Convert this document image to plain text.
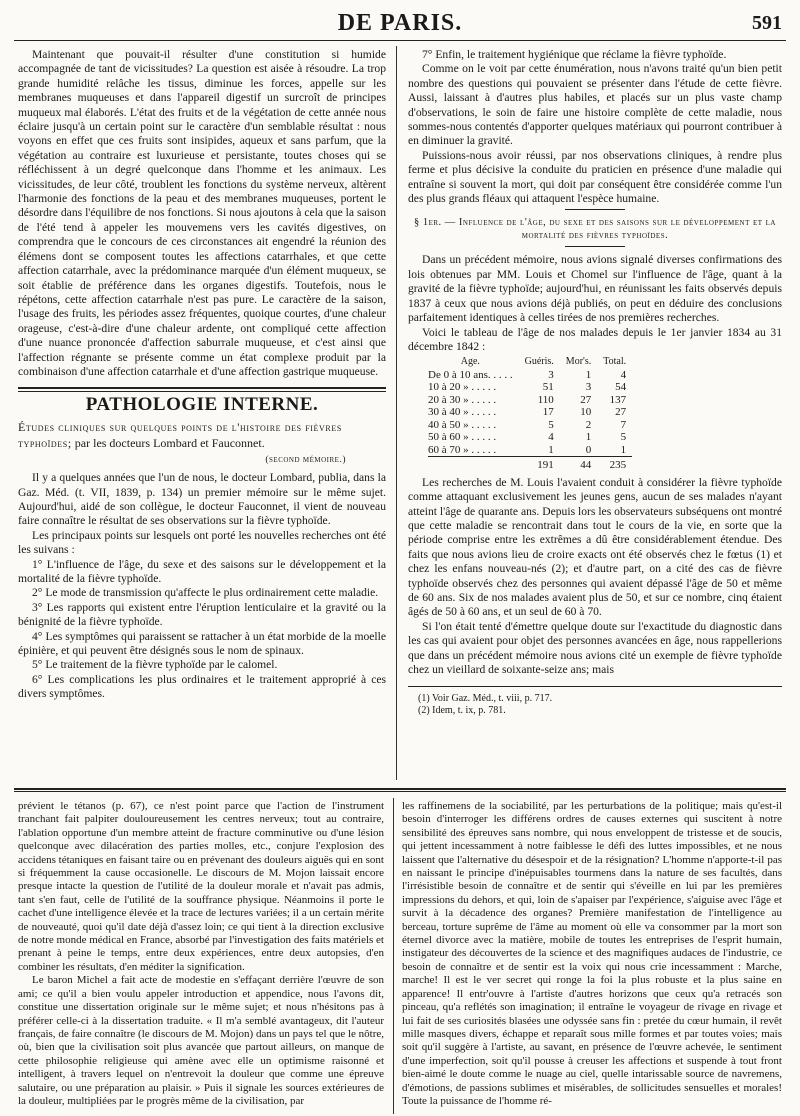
DE PARIS.	591

Maintenant que pouvait-il résulter d'une constitution si humide accompagnée de tant de vicissitudes? La question est aisée à résoudre. La trop grande humidité relâche les tissus, diminue les forces, appelle sur les membranes muqueuses et dans l'appareil digestif un surcroît de principes muqueux mal élaborés. L'état des fruits et de la végétation de cette année nous éclaire jusqu'à un certain point sur le caractère d'un semblable résultat : nous voyons en effet que ces fruits sont insipides, aqueux et sans parfum, que la végétation au contraire est luxurieuse et persistante, toutes choses qui se réfléchissent à un degré quelconque dans l'homme et les animaux. Les vicissitudes, de leur côté, troublent les fonctions du système nerveux, altèrent l'harmonie des fonctions de la peau et des membranes muqueuses, portent le désordre dans l'équilibre de nos fonctions. Si nous ajoutons à cela que la saison de l'été tend à appeler les mouvemens vers les cavités digestives, on comprendra que le concours de ces circonstances ait engendré la réunion des élémens dont se composent toutes les affections catarrhales, et que cette affection catarrhale, avec la prédominance marquée d'un élément muqueux, se soit établie de préférence dans les organes digestifs. Toutefois, nous le répétons, cette affection catarrhale n'est pas pure. Le caractère de la saison, l'usage des fruits, les périodes assez fréquentes, quoique courtes, d'une chaleur orageuse, c'est-à-dire d'une chaleur ardente, ont compliqué cette affection d'une nuance prononcée d'affection saburrale muqueuse, et c'est ainsi que l'affection régnante se présente comme un état complexe produit par la combinaison d'une affection catarrhale et d'une affection gastrique muqueuse.

PATHOLOGIE INTERNE.
Études cliniques sur quelques points de l'histoire des fièvres typhoïdes; par les docteurs Lombard et Fauconnet.
(second mémoire.)

Il y a quelques années que l'un de nous, le docteur Lombard, publia, dans la Gaz. Méd. (t. VII, 1839, p. 134) un premier mémoire sur le même sujet. Aujourd'hui, aidé de son collègue, le docteur Fauconnet, il vient de nouveau faire connaître le résultat de ses observations sur la fièvre typhoïde.

Les principaux points sur lesquels ont porté les nouvelles recherches ont été les suivans :

1° L'influence de l'âge, du sexe et des saisons sur le développement et la mortalité de la fièvre typhoïde.

2° Le mode de transmission qu'affecte le plus ordinairement cette maladie.

3° Les rapports qui existent entre l'éruption lenticulaire et la gravité ou la bénignité de la fièvre typhoïde.

4° Les symptômes qui paraissent se rattacher à un état morbide de la moelle épinière, et qui peuvent être désignés sous le nom de spinaux.

5° Le traitement de la fièvre typhoïde par le calomel.

6° Les complications les plus ordinaires et le traitement approprié à ces divers symptômes.

7° Enfin, le traitement hygiénique que réclame la fièvre typhoïde.

Comme on le voit par cette énumération, nous n'avons traité qu'un bien petit nombre des questions qui pouvaient se présenter dans l'étude de cette fièvre. Aussi, laissant à d'autres plus habiles, et placés sur un plus vaste champ d'observations, le soin de faire une histoire complète de cette maladie, nous sommes-nous contentés d'apporter quelques matériaux qui pourront contribuer à en diminuer la gravité.

Puissions-nous avoir réussi, par nos observations cliniques, à rendre plus ferme et plus décisive la conduite du praticien en présence d'une maladie qui entraîne si souvent la mort, qui doit par conséquent être considérée comme l'un des plus grands fléaux qui attaquent l'espèce humaine.

§ 1er. — Influence de l'âge, du sexe et des saisons sur le développement et la mortalité des fièvres typhoïdes.

Dans un précédent mémoire, nous avions signalé diverses confirmations des lois obtenues par MM. Louis et Chomel sur l'influence de l'âge, quant à la gravité de la fièvre typhoïde; aujourd'hui, en réunissant les faits observés depuis 1837 à ceux que nous avions déjà publiés, on peut en déduire des conclusions parfaitement identiques à celles tirées de nos premières recherches.

Voici le tableau de l'âge de nos malades depuis le 1er janvier 1834 au 31 décembre 1842 :

Age.	Guéris.	Mor's.	Total.
De 0 à 10 ans. . . . .	3	1	4
10 à 20 » . . . . .	51	3	54
20 à 30 » . . . . .	110	27	137
30 à 40 » . . . . .	17	10	27
40 à 50 » . . . . .	5	2	7
50 à 60 » . . . . .	4	1	5
60 à 70 » . . . . .	1	0	1
	191	44	235

Les recherches de M. Louis l'avaient conduit à considérer la fièvre typhoïde comme attaquant exclusivement les jeunes gens, aucun de ses malades n'ayant atteint l'âge de quarante ans. Depuis lors les observateurs subséquens ont montré que cette maladie se rencontrait dans tout le cours de la vie, en sorte que la période comprise entre les extrêmes a dû être considérablement étendue. Des faits que nous avions lieu de croire exacts ont été observés chez le fœtus (1) et chez les enfans nouveau-nés (2); et d'autre part, on a cité des cas de fièvre typhoïde observés chez des personnes qui avaient dépassé l'âge de 50 et même de 60 ans. Six de nos malades avaient plus de 50, et sur ce nombre, cinq étaient âgés de 50 à 60 ans, et un seul de 60 à 70.

Si l'on était tenté d'émettre quelque doute sur l'exactitude du diagnostic dans les cas qui avaient pour objet des personnes avancées en âge, nous rappellerions que dans un précédent mémoire nous avions cité un exemple de fièvre typhoïde chez un vieillard de soixante-seize ans; mais

(1) Voir Gaz. Méd., t. viii, p. 717.
(2) Idem, t. ix, p. 781.

prévient le tétanos (p. 67), ce n'est point parce que l'action de l'instrument tranchant fait palpiter douloureusement les centres nerveux; tout au contraire, l'ablation opportune d'un membre atteint de fracture comminutive ou d'une lésion quelconque avec dilacération des parties molles, etc., conjure l'explosion des accidens tétaniques en faisant taire ou en prévenant des douleurs aiguës qui en sont si fréquemment la cause occasionelle. Le discours de M. Mojon laissait encore presque intacte la question de l'utilité de la douleur morale et n'avait pas admis, tant s'en faut, celle de l'utilité de la souffrance physique. Néanmoins il porte le cachet d'une intelligence élevée et la trace de lectures variées; il a un certain mérite de nouveauté, quoi qu'il date déjà d'assez loin; ce qui tient à la direction exclusive de notre monde médical en France, absorbé par l'investigation des faits matériels et prenant à peine le temps, entre deux expériences, entre deux autopsies, d'en combiner les résultats, d'en méditer la signification.

Le baron Michel a fait acte de modestie en s'effaçant derrière l'œuvre de son ami; ce qu'il a bien voulu appeler introduction et appendice, nous l'avons dit, constitue une dissertation originale sur le même sujet; et nous n'hésitons pas à préférer celle-ci à la dissertation traduite. « Il m'a semblé avantageux, dit l'auteur français, de faire connaître (le discours de M. Mojon) dans un pays tel que le nôtre, où, bien que la civilisation soit plus avancée que partout ailleurs, on manque de cette philosophie religieuse qui amène avec elle un optimisme raisonné et intelligent, à travers lequel on n'entrevoit la douleur que comme une épreuve salutaire, ou une préparation au plaisir. » Puis il signale les sources extérieures de la douleur, multipliées par le progrès même de la civilisation, par

les raffinemens de la sociabilité, par les perturbations de la politique; mais qu'est-il besoin d'interroger les différens ordres de causes externes qui suscitent à notre sensibilité des épreuves sans nombre, qui nous enveloppent de tristesse et de soucis, qui jettent incessamment à notre faiblesse le défi des luttes impossibles, et ne nous laissent que l'alternative du désespoir et de la résignation? L'homme n'apporte-t-il pas en naissant le principe d'inépuisables tourmens dans la nature de ses facultés, dans l'irrésistible besoin de connaître et de sentir qui s'éveille en lui par les premières impressions du dehors, et qui, loin de s'apaiser par l'expérience, s'aiguise avec l'âge et survit à la décadence des organes? Première manifestation de l'intelligence au berceau, torture suprême de l'âme au moment où elle va consommer par la mort son éternel divorce avec la matière, mobile de toutes les entreprises de l'esprit humain, instigateur des découvertes de la science et des magnifiques audaces de l'industrie, ce besoin de connaître et de sentir est la voix qui nous crie incessamment : Marche, marche! Il est le ver secret qui ronge la foi la plus robuste et la plus saine en apparence! Il entr'ouvre à l'artiste d'autres horizons que ceux qu'a retracés son pinceau, qu'a reflétés son imagination; il entraîne le voyageur de rivage en rivage et lui fait de ses curiosités blasées une odyssée sans fin : pretée du cœur humain, il revêt mille masques divers, échappe et reparaît sous mille formes et par toutes voies; mais soit qu'il suggère à l'artiste, au savant, en présence de l'œuvre achevée, le sentiment d'une imperfection, soit qu'il pousse à creuser les affections et suspende à tout front bien-aimé le doute comme le nuage au ciel, quelle intarissable source de navremens, d'émotions, de passions sublimes et misérables, de sollicitudes sensuelles et morales! Toute la puissance de l'homme ré-
